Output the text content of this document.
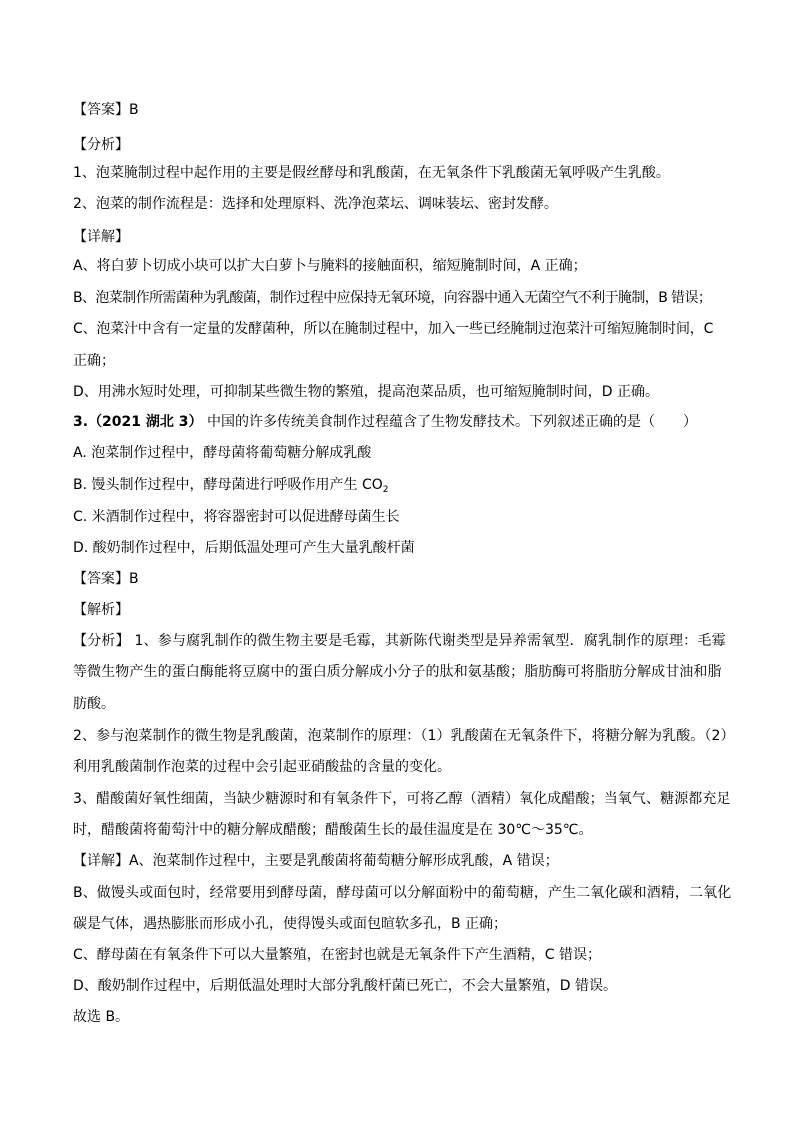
【答案】B
【分析】
1、泡菜腌制过程中起作用的主要是假丝酵母和乳酸菌，在无氧条件下乳酸菌无氧呼吸产生乳酸。
2、泡菜的制作流程是：选择和处理原料、洗净泡菜坛、调味装坛、密封发酵。
【详解】
A、将白萝卜切成小块可以扩大白萝卜与腌料的接触面积，缩短腌制时间，A 正确；
B、泡菜制作所需菌种为乳酸菌，制作过程中应保持无氧环境，向容器中通入无菌空气不利于腌制，B 错误；
C、泡菜汁中含有一定量的发酵菌种，所以在腌制过程中，加入一些已经腌制过泡菜汁可缩短腌制时间，C
正确；
D、用沸水短时处理，可抑制某些微生物的繁殖，提高泡菜品质，也可缩短腌制时间，D 正确。
3.（2021 湖北 3） 中国的许多传统美食制作过程蕴含了生物发酵技术。下列叙述正确的是（　　）
A. 泡菜制作过程中，酵母菌将葡萄糖分解成乳酸
B. 馒头制作过程中，酵母菌进行呼吸作用产生 $CO_2$
C. 米酒制作过程中，将容器密封可以促进酵母菌生长
D. 酸奶制作过程中，后期低温处理可产生大量乳酸杆菌
【答案】B
【解析】
【分析】 1、参与腐乳制作的微生物主要是毛霉，其新陈代谢类型是异养需氧型．腐乳制作的原理：毛霉
等微生物产生的蛋白酶能将豆腐中的蛋白质分解成小分子的肽和氨基酸；脂肪酶可将脂肪分解成甘油和脂
肪酸。
2、参与泡菜制作的微生物是乳酸菌，泡菜制作的原理：（1）乳酸菌在无氧条件下，将糖分解为乳酸。（2）
利用乳酸菌制作泡菜的过程中会引起亚硝酸盐的含量的变化。
3、醋酸菌好氧性细菌，当缺少糖源时和有氧条件下，可将乙醇（酒精）氧化成醋酸；当氧气、糖源都充足
时，醋酸菌将葡萄汁中的糖分解成醋酸；醋酸菌生长的最佳温度是在 30℃～35℃。
【详解】A、泡菜制作过程中，主要是乳酸菌将葡萄糖分解形成乳酸，A 错误；
B、做馒头或面包时，经常要用到酵母菌，酵母菌可以分解面粉中的葡萄糖，产生二氧化碳和酒精，二氧化
碳是气体，遇热膨胀而形成小孔，使得馒头或面包暄软多孔，B 正确；
C、酵母菌在有氧条件下可以大量繁殖，在密封也就是无氧条件下产生酒精，C 错误；
D、酸奶制作过程中，后期低温处理时大部分乳酸杆菌已死亡，不会大量繁殖，D 错误。
故选 B。
